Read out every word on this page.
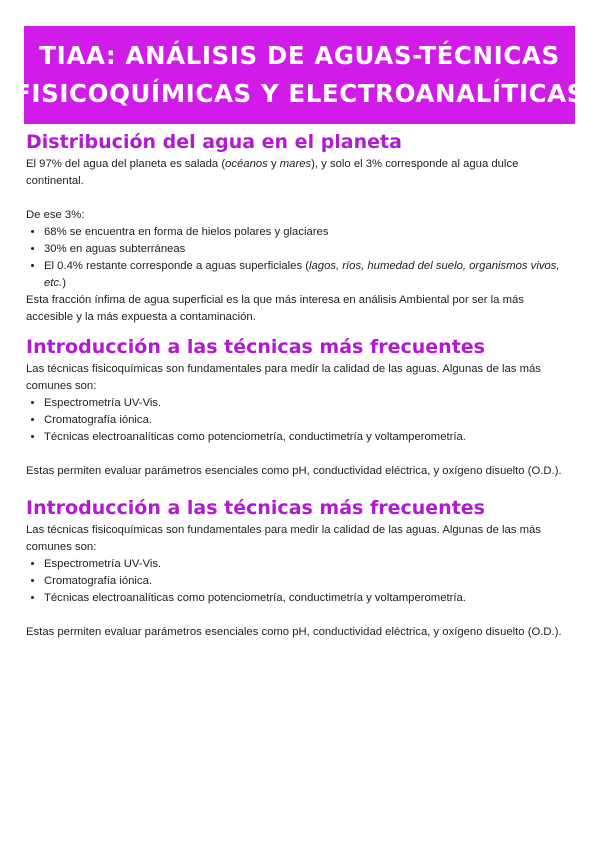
TIAA: ANÁLISIS DE AGUAS-TÉCNICAS
FISICOQUÍMICAS Y ELECTROANALÍTICAS
Distribución del agua en el planeta

El 97% del agua del planeta es salada (océanos y mares), y solo el 3% corresponde al agua dulce continental.

De ese 3%:

• 68% se encuentra en forma de hielos polares y glaciares
• 30% en aguas subterráneas
• El 0.4% restante corresponde a aguas superficiales (lagos, ríos, humedad del suelo, organismos vivos, etc.)

Esta fracción ínfima de agua superficial es la que más interesa en análisis Ambiental por ser la más accesible y la más expuesta a contaminación.

Introducción a las técnicas más frecuentes

Las técnicas fisicoquímicas son fundamentales para medir la calidad de las aguas. Algunas de las más comunes son:

• Espectrometría UV-Vis.
• Cromatografía iónica.
• Técnicas electroanalíticas como potenciometría, conductimetría y voltamperometría.

Estas permiten evaluar parámetros esenciales como pH, conductividad eléctrica, y oxígeno disuelto (O.D.).

Introducción a las técnicas más frecuentes

Las técnicas fisicoquímicas son fundamentales para medir la calidad de las aguas. Algunas de las más comunes son:

• Espectrometría UV-Vis.
• Cromatografía iónica.
• Técnicas electroanalíticas como potenciometría, conductimetría y voltamperometría.

Estas permiten evaluar parámetros esenciales como pH, conductividad eléctrica, y oxígeno disuelto (O.D.).
